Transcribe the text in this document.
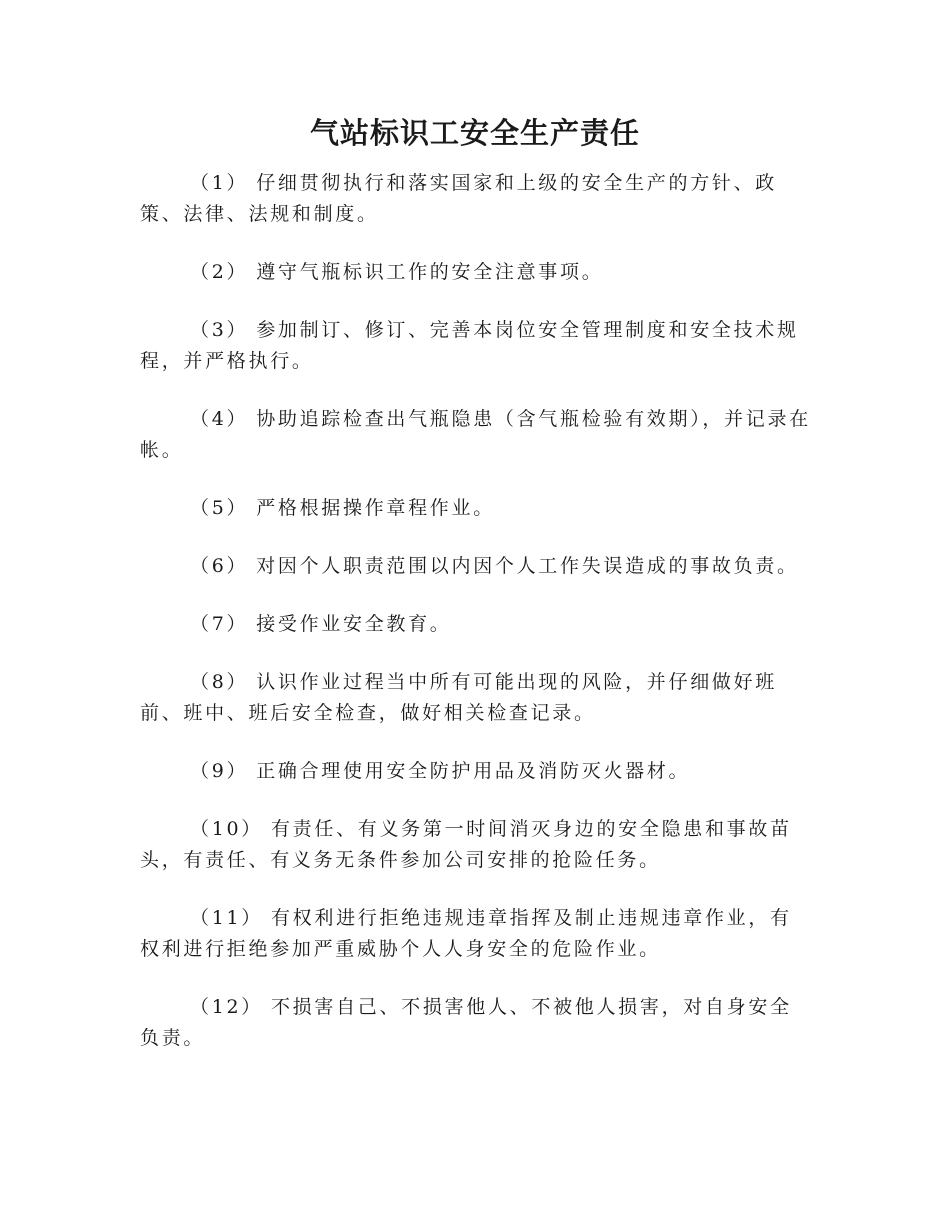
气站标识工安全生产责任

（1） 仔细贯彻执行和落实国家和上级的安全生产的方针、政策、法律、法规和制度。

（2） 遵守气瓶标识工作的安全注意事项。

（3） 参加制订、修订、完善本岗位安全管理制度和安全技术规程，并严格执行。

（4） 协助追踪检查出气瓶隐患（含气瓶检验有效期），并记录在帐。

（5） 严格根据操作章程作业。

（6） 对因个人职责范围以内因个人工作失误造成的事故负责。

（7） 接受作业安全教育。

（8） 认识作业过程当中所有可能出现的风险，并仔细做好班前、班中、班后安全检查，做好相关检查记录。

（9） 正确合理使用安全防护用品及消防灭火器材。

（10） 有责任、有义务第一时间消灭身边的安全隐患和事故苗头，有责任、有义务无条件参加公司安排的抢险任务。

（11） 有权利进行拒绝违规违章指挥及制止违规违章作业，有权利进行拒绝参加严重威胁个人人身安全的危险作业。

（12） 不损害自己、不损害他人、不被他人损害，对自身安全负责。
